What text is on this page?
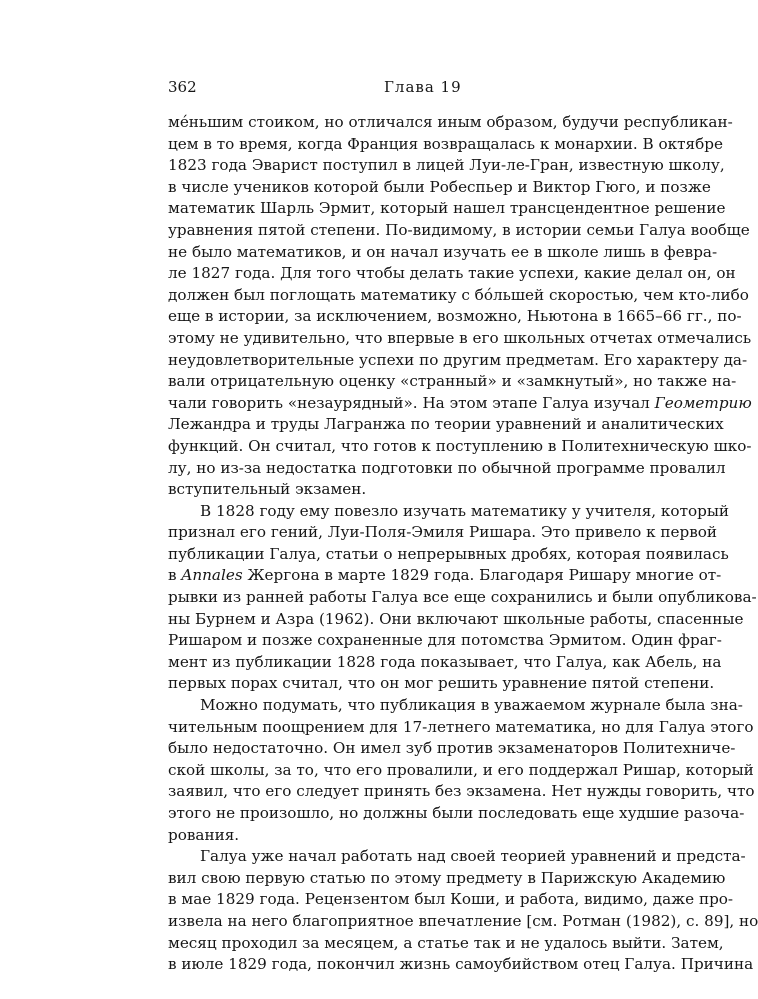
362	Глава 19
ме́ньшим стоиком, но отличался иным образом, будучи республикан-
цем в то время, когда Франция возвращалась к монархии. В октябре
1823 года Эварист поступил в лицей Луи-ле-Гран, известную школу,
в числе учеников которой были Робеспьер и Виктор Гюго, и позже
математик Шарль Эрмит, который нашел трансцендентное решение
уравнения пятой степени. По-видимому, в истории семьи Галуа вообще
не было математиков, и он начал изучать ее в школе лишь в февра-
ле 1827 года. Для того чтобы делать такие успехи, какие делал он, он
должен был поглощать математику с бо́льшей скоростью, чем кто-либо
еще в истории, за исключением, возможно, Ньютона в 1665–66 гг., по-
этому не удивительно, что впервые в его школьных отчетах отмечались
неудовлетворительные успехи по другим предметам. Его характеру да-
вали отрицательную оценку «странный» и «замкнутый», но также на-
чали говорить «незаурядный». На этом этапе Галуа изучал Геометрию
Лежандра и труды Лагранжа по теории уравнений и аналитических
функций. Он считал, что готов к поступлению в Политехническую шко-
лу, но из-за недостатка подготовки по обычной программе провалил
вступительный экзамен.
В 1828 году ему повезло изучать математику у учителя, который
признал его гений, Луи-Поля-Эмиля Ришара. Это привело к первой
публикации Галуа, статьи о непрерывных дробях, которая появилась
в Annales Жергона в марте 1829 года. Благодаря Ришару многие от-
рывки из ранней работы Галуа все еще сохранились и были опубликова-
ны Бурнем и Азра (1962). Они включают школьные работы, спасенные
Ришаром и позже сохраненные для потомства Эрмитом. Один фраг-
мент из публикации 1828 года показывает, что Галуа, как Абель, на
первых порах считал, что он мог решить уравнение пятой степени.
Можно подумать, что публикация в уважаемом журнале была зна-
чительным поощрением для 17-летнего математика, но для Галуа этого
было недостаточно. Он имел зуб против экзаменаторов Политехниче-
ской школы, за то, что его провалили, и его поддержал Ришар, который
заявил, что его следует принять без экзамена. Нет нужды говорить, что
этого не произошло, но должны были последовать еще худшие разоча-
рования.
Галуа уже начал работать над своей теорией уравнений и предста-
вил свою первую статью по этому предмету в Парижскую Академию
в мае 1829 года. Рецензентом был Коши, и работа, видимо, даже про-
извела на него благоприятное впечатление [см. Ротман (1982), с. 89], но
месяц проходил за месяцем, а статье так и не удалось выйти. Затем,
в июле 1829 года, покончил жизнь самоубийством отец Галуа. Причина
